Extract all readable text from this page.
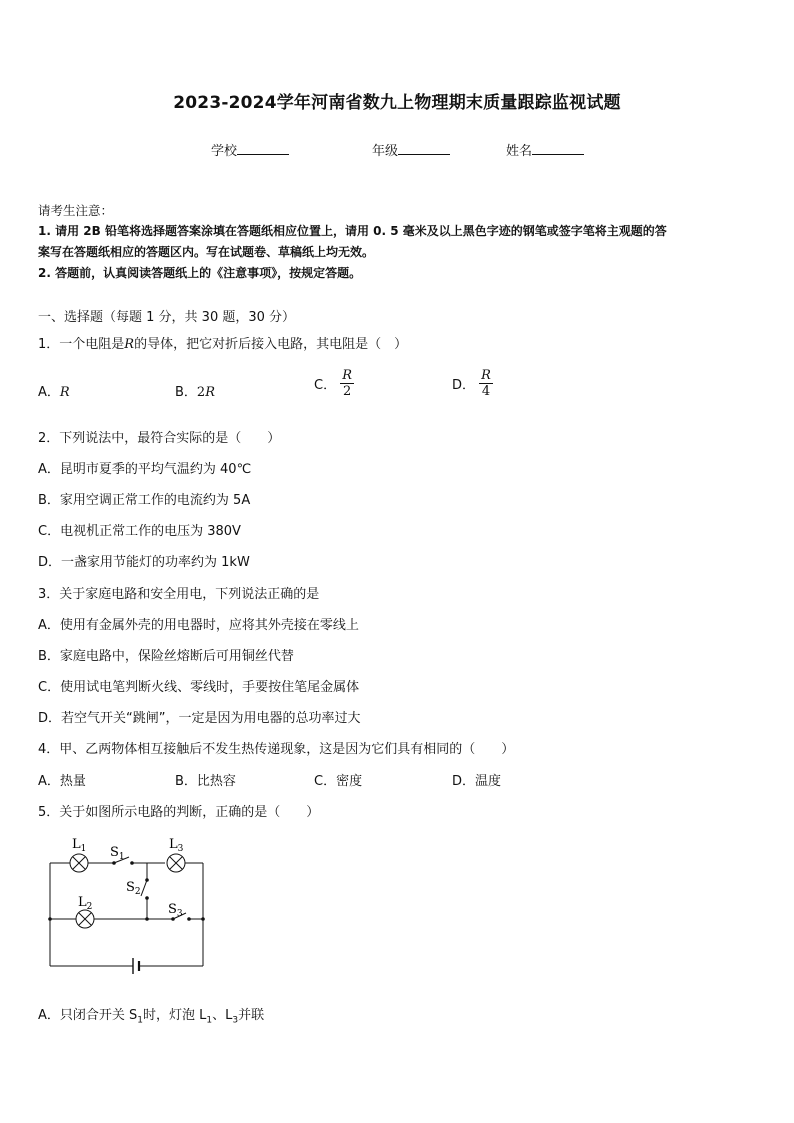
2023-2024学年河南省数九上物理期末质量跟踪监视试题
学校	年级	姓名
请考生注意：
1. 请用 2B 铅笔将选择题答案涂填在答题纸相应位置上，请用 0. 5 毫米及以上黑色字迹的钢笔或签字笔将主观题的答
案写在答题纸相应的答题区内。写在试题卷、草稿纸上均无效。
2. 答题前，认真阅读答题纸上的《注意事项》，按规定答题。
一、选择题（每题 1 分，共 30 题，30 分）
1．一个电阻是R的导体，把它对折后接入电路，其电阻是（　）
A．R	B．2R	C． $\frac{R}{2}$	D． $\frac{R}{4}$
2．下列说法中，最符合实际的是（　　）
A．昆明市夏季的平均气温约为 40℃
B．家用空调正常工作的电流约为 5A
C．电视机正常工作的电压为 380V
D．一盏家用节能灯的功率约为 1kW
3．关于家庭电路和安全用电，下列说法正确的是
A．使用有金属外壳的用电器时，应将其外壳接在零线上
B．家庭电路中，保险丝熔断后可用铜丝代替
C．使用试电笔判断火线、零线时，手要按住笔尾金属体
D．若空气开关“跳闸”，一定是因为用电器的总功率过大
4．甲、乙两物体相互接触后不发生热传递现象，这是因为它们具有相同的（　　）
A．热量	B．比热容	C．密度	D．温度
5．关于如图所示电路的判断，正确的是（　　）
$L_1$ $S_1$
$L_3$
$S_2$
$L_2$	$S_3$
A．只闭合开关 $S_1$时，灯泡 $L_1$、$L_3$并联
